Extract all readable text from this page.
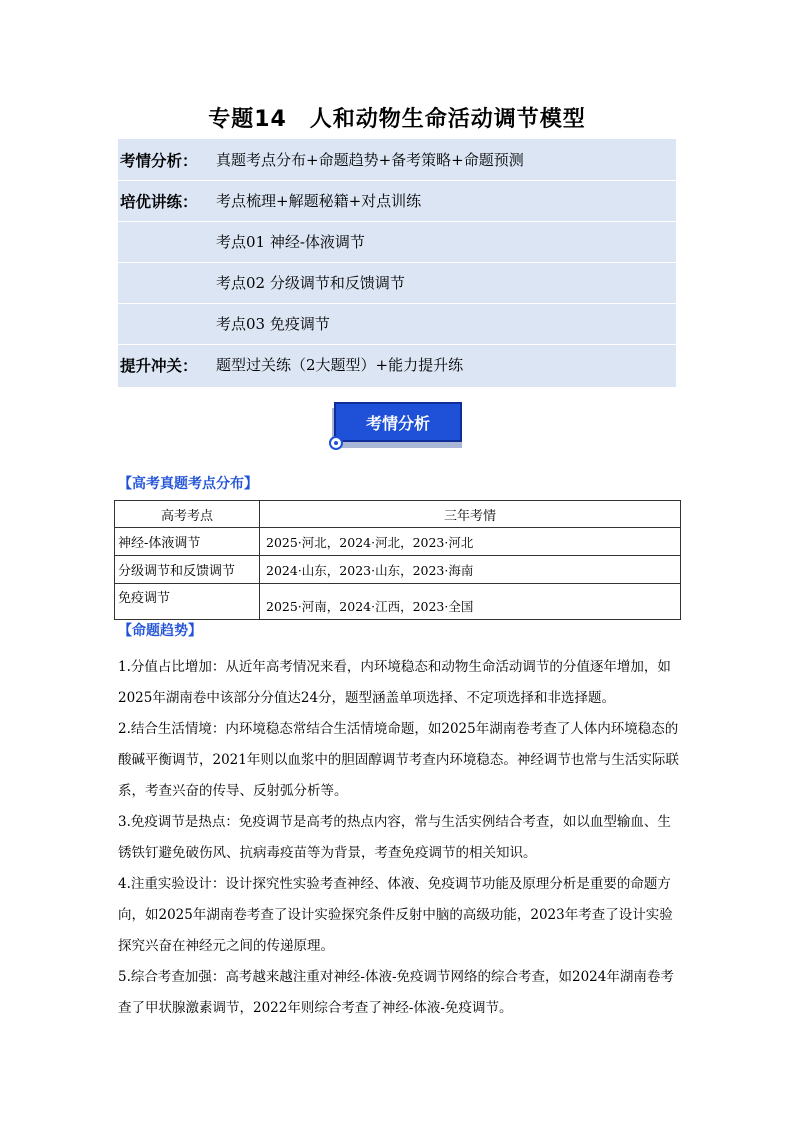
专题14　人和动物生命活动调节模型
考情分析：	真题考点分布+命题趋势+备考策略+命题预测
培优讲练：	考点梳理+解题秘籍+对点训练
考点01 神经-体液调节
考点02 分级调节和反馈调节
考点03 免疫调节
提升冲关：	题型过关练（2大题型）+能力提升练
考情分析
【高考真题考点分布】
高考考点	三年考情
神经-体液调节	2025·河北，2024·河北，2023·河北
分级调节和反馈调节	2024·山东，2023·山东，2023·海南
免疫调节	2025·河南，2024·江西，2023·全国
【命题趋势】

1.分值占比增加：从近年高考情况来看，内环境稳态和动物生命活动调节的分值逐年增加，如2025年湖南卷中该部分分值达24分，题型涵盖单项选择、不定项选择和非选择题。

2.结合生活情境：内环境稳态常结合生活情境命题，如2025年湖南卷考查了人体内环境稳态的酸碱平衡调节，2021年则以血浆中的胆固醇调节考查内环境稳态。神经调节也常与生活实际联系，考查兴奋的传导、反射弧分析等。

3.免疫调节是热点：免疫调节是高考的热点内容，常与生活实例结合考查，如以血型输血、生锈铁钉避免破伤风、抗病毒疫苗等为背景，考查免疫调节的相关知识。

4.注重实验设计：设计探究性实验考查神经、体液、免疫调节功能及原理分析是重要的命题方向，如2025年湖南卷考查了设计实验探究条件反射中脑的高级功能，2023年考查了设计实验探究兴奋在神经元之间的传递原理。

5.综合考查加强：高考越来越注重对神经-体液-免疫调节网络的综合考查，如2024年湖南卷考查了甲状腺激素调节，2022年则综合考查了神经-体液-免疫调节。
